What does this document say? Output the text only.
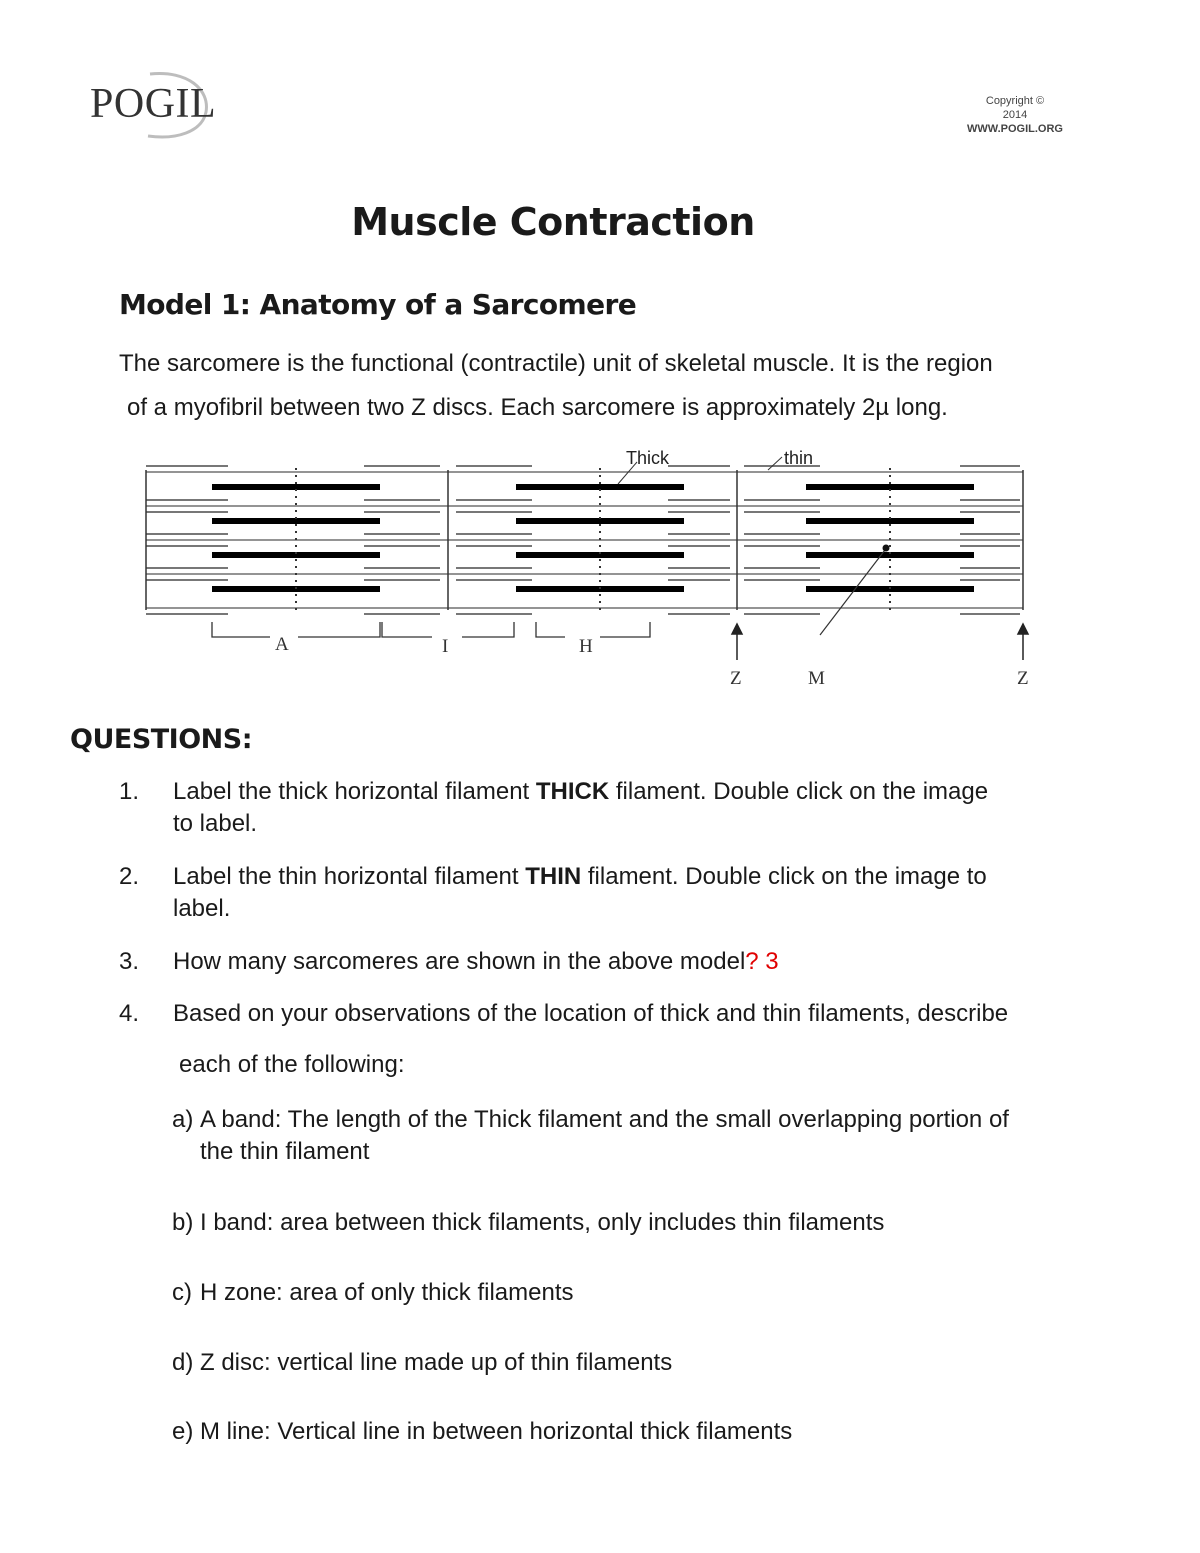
POGIL	Copyright ©
2014
WWW.POGIL.ORG
Muscle Contraction
Model 1: Anatomy of a Sarcomere
The sarcomere is the functional (contractile) unit of skeletal muscle. It is the region
of a myofibril between two Z discs. Each sarcomere is approximately 2µ long.
Thick	thin
A	I	H
Z	M	Z
QUESTIONS:
1.	Label the thick horizontal filament THICK filament. Double click on the image
to label.
2.	Label the thin horizontal filament THIN filament. Double click on the image to
label.
3.	How many sarcomeres are shown in the above model? 3
4.	Based on your observations of the location of thick and thin filaments, describe
each of the following:
a) A band: The length of the Thick filament and the small overlapping portion of
the thin filament
b) I band: area between thick filaments, only includes thin filaments
c) H zone: area of only thick filaments
d) Z disc: vertical line made up of thin filaments
e) M line: Vertical line in between horizontal thick filaments
